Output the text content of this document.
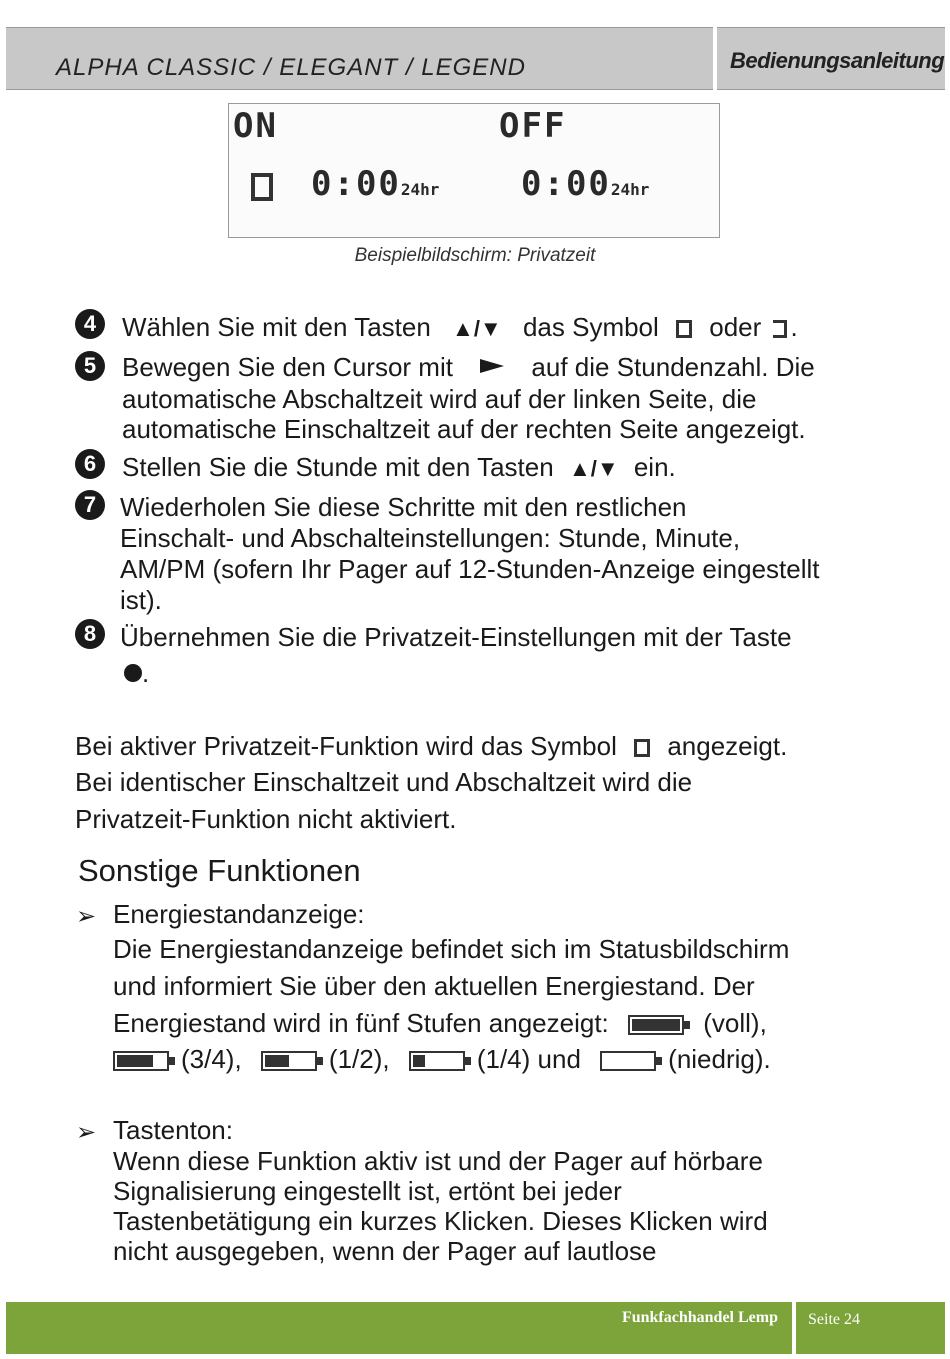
ALPHA CLASSIC / ELEGANT / LEGEND	Bedienungsanleitung
ON	OFF
0:0024hr 0:0024hr
Beispielbildschirm: Privatzeit
4 Wählen Sie mit den Tasten ▲/▼ das Symbol oder .
5 Bewegen Sie den Cursor mit	auf die Stundenzahl. Die
automatische Abschaltzeit wird auf der linken Seite, die
automatische Einschaltzeit auf der rechten Seite angezeigt.
6 Stellen Sie die Stunde mit den Tasten ▲/▼ ein.
7 Wiederholen Sie diese Schritte mit den restlichen
Einschalt- und Abschalteinstellungen: Stunde, Minute,
AM/PM (sofern Ihr Pager auf 12-Stunden-Anzeige eingestellt
ist).
8 Übernehmen Sie die Privatzeit-Einstellungen mit der Taste
.
Bei aktiver Privatzeit-Funktion wird das Symbol angezeigt.
Bei identischer Einschaltzeit und Abschaltzeit wird die
Privatzeit-Funktion nicht aktiviert.
Sonstige Funktionen
➢ Energiestandanzeige:
Die Energiestandanzeige befindet sich im Statusbildschirm
und informiert Sie über den aktuellen Energiestand. Der
Energiestand wird in fünf Stufen angezeigt:	(voll),
(3/4),	(1/2),	(1/4) und	(niedrig).
➢ Tastenton:
Wenn diese Funktion aktiv ist und der Pager auf hörbare
Signalisierung eingestellt ist, ertönt bei jeder
Tastenbetätigung ein kurzes Klicken. Dieses Klicken wird
nicht ausgegeben, wenn der Pager auf lautlose
Funkfachhandel Lemp Seite 24
